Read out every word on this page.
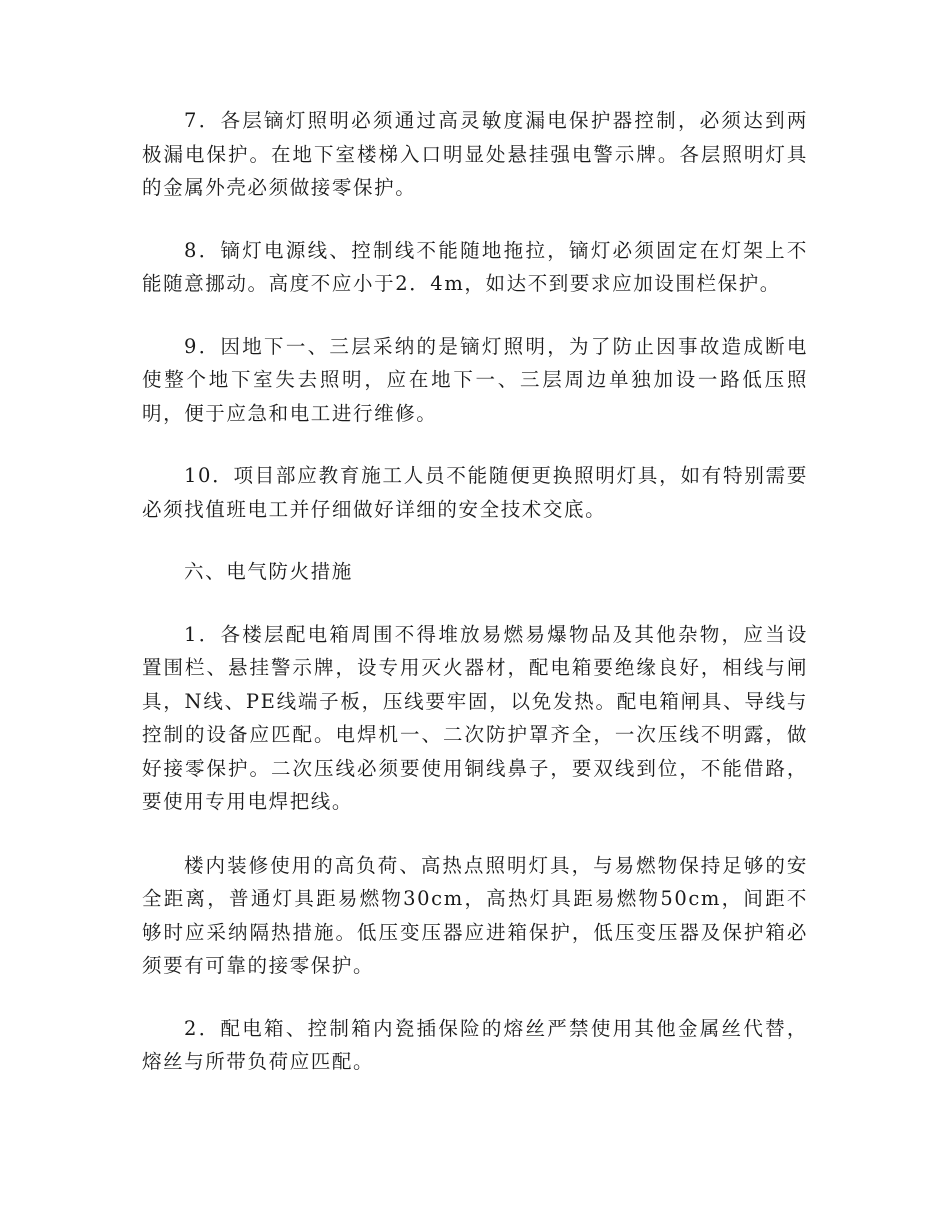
7．各层镝灯照明必须通过高灵敏度漏电保护器控制，必须达到两极漏电保护。在地下室楼梯入口明显处悬挂强电警示牌。各层照明灯具的金属外壳必须做接零保护。

8．镝灯电源线、控制线不能随地拖拉，镝灯必须固定在灯架上不能随意挪动。高度不应小于2．4m，如达不到要求应加设围栏保护。

9．因地下一、三层采纳的是镝灯照明，为了防止因事故造成断电使整个地下室失去照明，应在地下一、三层周边单独加设一路低压照明，便于应急和电工进行维修。

10．项目部应教育施工人员不能随便更换照明灯具，如有特别需要必须找值班电工并仔细做好详细的安全技术交底。

六、电气防火措施

1．各楼层配电箱周围不得堆放易燃易爆物品及其他杂物，应当设置围栏、悬挂警示牌，设专用灭火器材，配电箱要绝缘良好，相线与闸具，N线、PE线端子板，压线要牢固，以免发热。配电箱闸具、导线与控制的设备应匹配。电焊机一、二次防护罩齐全，一次压线不明露，做好接零保护。二次压线必须要使用铜线鼻子，要双线到位，不能借路，要使用专用电焊把线。

楼内装修使用的高负荷、高热点照明灯具，与易燃物保持足够的安全距离，普通灯具距易燃物30cm，高热灯具距易燃物50cm，间距不够时应采纳隔热措施。低压变压器应进箱保护，低压变压器及保护箱必须要有可靠的接零保护。

2．配电箱、控制箱内瓷插保险的熔丝严禁使用其他金属丝代替，熔丝与所带负荷应匹配。
